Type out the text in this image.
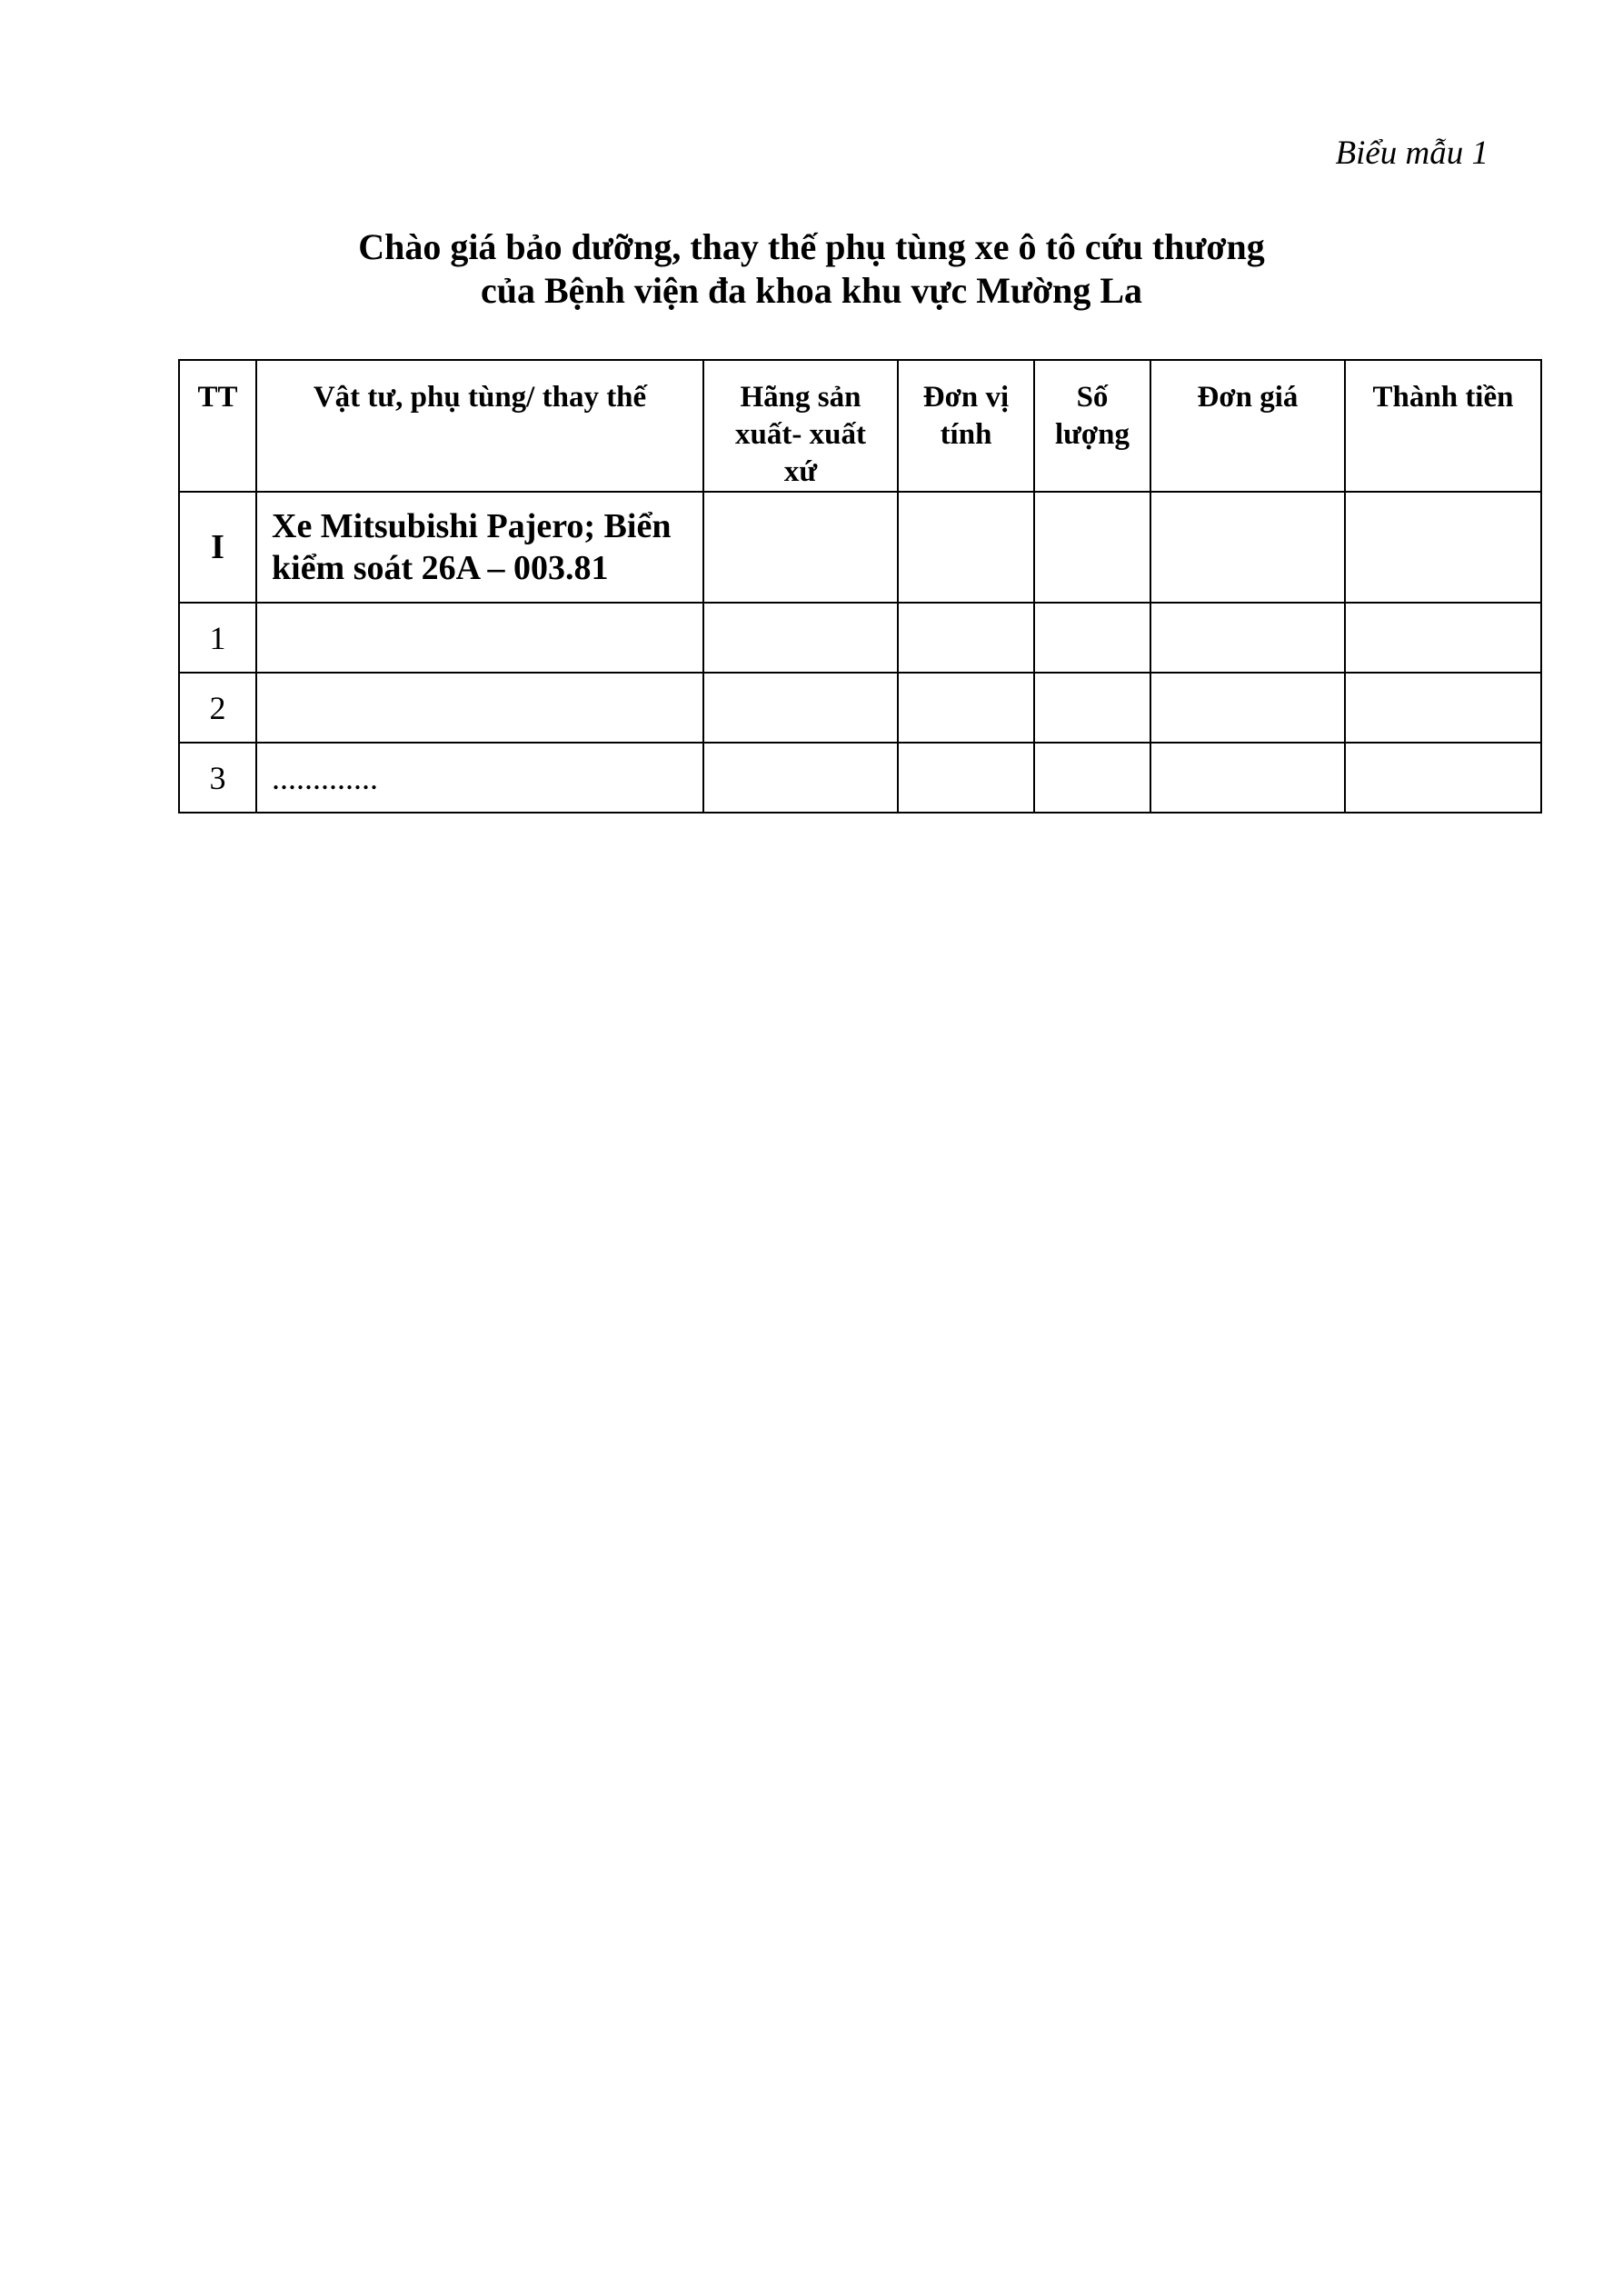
Biểu mẫu 1
Chào giá bảo dưỡng, thay thế phụ tùng xe ô tô cứu thương
của Bệnh viện đa khoa khu vực Mường La
TT	Vật tư, phụ tùng/ thay thế	Hãng sản xuất- xuất xứ	Đơn vị tính	Số lượng	Đơn giá	Thành tiền
I	Xe Mitsubishi Pajero; Biển kiểm soát 26A – 003.81					
1						
2						
3	.............					
